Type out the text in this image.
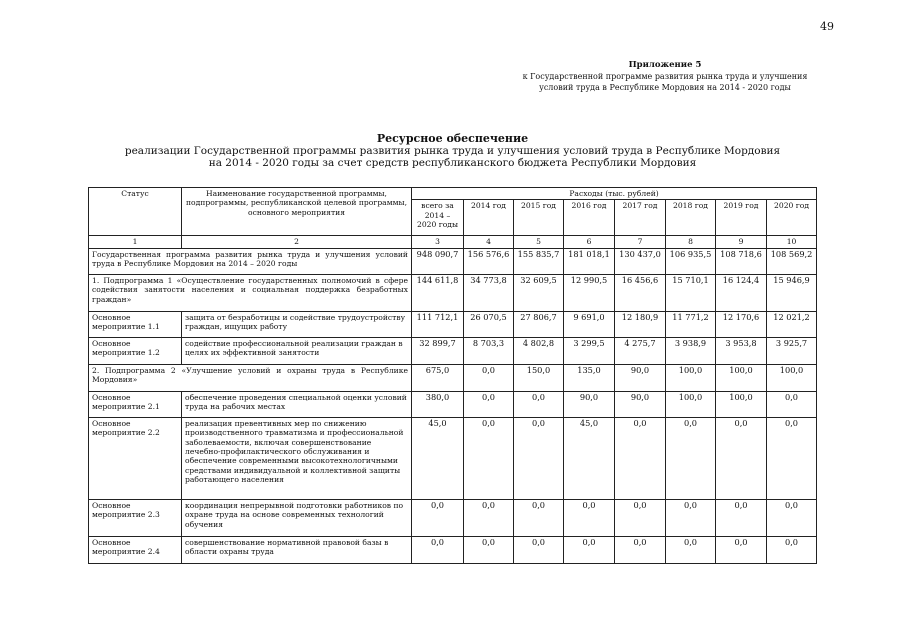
49
Приложение 5
к Государственной программе развития рынка труда и улучшения
условий труда в Республике Мордовия на 2014 - 2020 годы
Ресурсное обеспечение
реализации Государственной программы развития рынка труда и улучшения условий труда в Республике Мордовия
на 2014 - 2020 годы за счет средств республиканского бюджета Республики Мордовия
Статус	Наименование государственной программы, подпрограммы, республиканской целевой программы, основного мероприятия	Расходы (тыс. рублей)							
		всего за 2014 – 2020 годы	2014 год	2015 год	2016 год	2017 год	2018 год	2019 год	2020 год
1	2	3	4	5	6	7	8	9	10
Государственная программа развития рынка труда и улучшения условий труда в Республике Мордовия на 2014 – 2020 годы		948 090,7	156 576,6	155 835,7	181 018,1	130 437,0	106 935,5	108 718,6	108 569,2
1. Подпрограмма 1 «Осуществление государственных полномочий в сфере содействия занятости населения и социальная поддержка безработных граждан»		144 611,8	34 773,8	32 609,5	12 990,5	16 456,6	15 710,1	16 124,4	15 946,9
Основное мероприятие 1.1	защита от безработицы и содействие трудоустройству граждан, ищущих работу	111 712,1	26 070,5	27 806,7	9 691,0	12 180,9	11 771,2	12 170,6	12 021,2
Основное мероприятие 1.2	содействие профессиональной реализации граждан в целях их эффективной занятости	32 899,7	8 703,3	4 802,8	3 299,5	4 275,7	3 938,9	3 953,8	3 925,7
2. Подпрограмма 2 «Улучшение условий и охраны труда в Республике Мордовия»		675,0	0,0	150,0	135,0	90,0	100,0	100,0	100,0
Основное мероприятие 2.1	обеспечение проведения специальной оценки условий труда на рабочих местах	380,0	0,0	0,0	90,0	90,0	100,0	100,0	0,0
Основное мероприятие 2.2	реализация превентивных мер по снижению производственного травматизма и профессиональной заболеваемости, включая совершенствование лечебно-профилактического обслуживания и обеспечение современными высокотехнологичными средствами индивидуальной и коллективной защиты работающего населения	45,0	0,0	0,0	45,0	0,0	0,0	0,0	0,0
Основное мероприятие 2.3	координация непрерывной подготовки работников по охране труда на основе современных технологий обучения	0,0	0,0	0,0	0,0	0,0	0,0	0,0	0,0
Основное мероприятие 2.4	совершенствование нормативной правовой базы в области охраны труда	0,0	0,0	0,0	0,0	0,0	0,0	0,0	0,0
